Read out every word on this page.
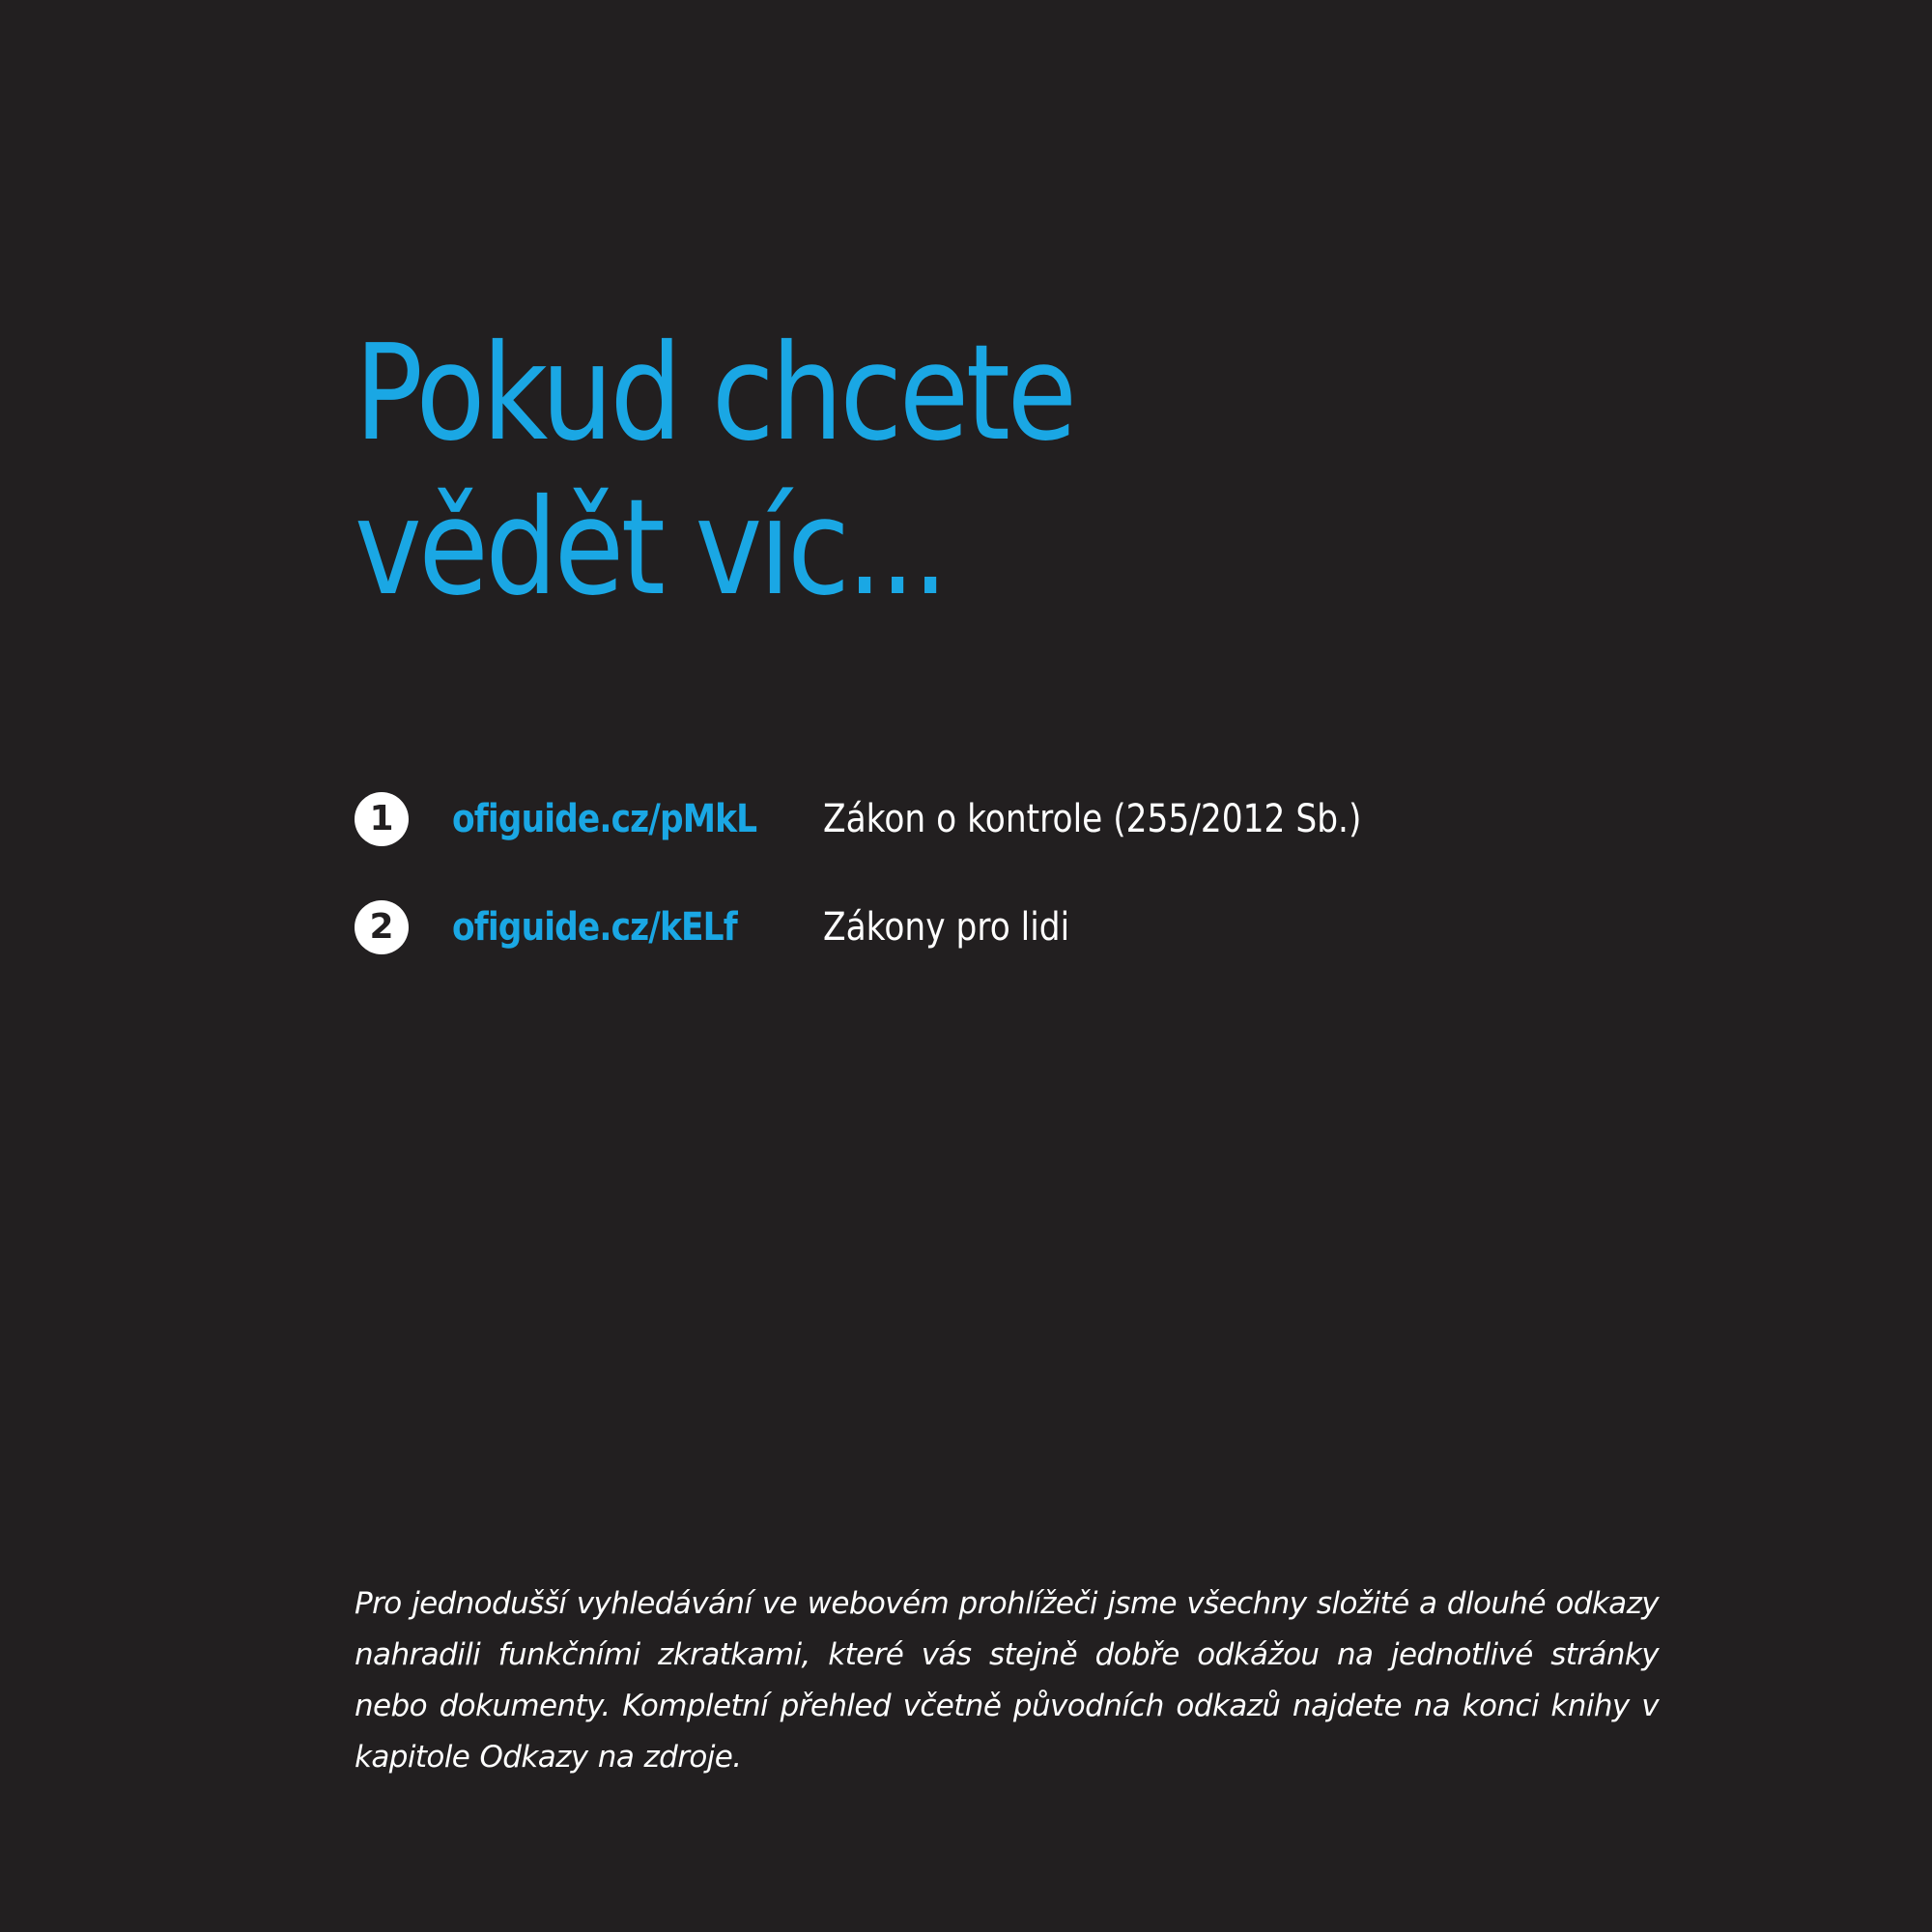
Pokud chcete
vědět víc...
1	ofiguide.cz/pMkL Zákon o kontrole (255/2012 Sb.)
2	ofiguide.cz/kELf Zákony pro lidi

Pro jednodušší vyhledávání ve webovém prohlížeči jsme všechny složité a dlouhé odkazy nahradili funkčními zkratkami, které vás stejně dobře odkážou na jednotlivé stránky nebo dokumenty. Kompletní přehled včetně původních odkazů najdete na konci knihy v kapitole Odkazy na zdroje.
